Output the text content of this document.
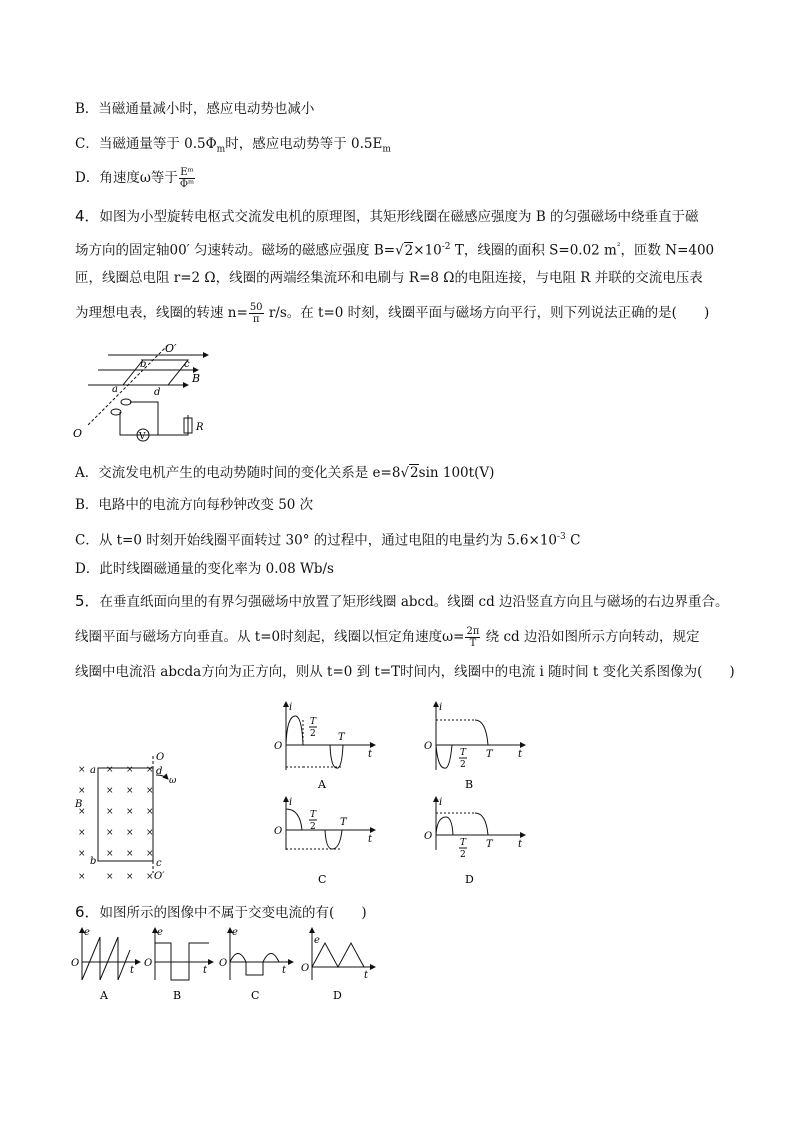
B．当磁通量减小时，感应电动势也减小
C．当磁通量等于 $0.5\Phi_m$时，感应电动势等于 $0.5E_m$
D．角速度ω等于 $\frac{\text{Eᵐ}}{\text{Φᵐ}}$
4．如图为小型旋转电枢式交流发电机的原理图，其矩形线圈在磁感应强度为 B 的匀强磁场中绕垂直于磁
场方向的固定轴00′ 匀速转动。磁场的磁感应强度 $B=√2\times 10^{-2}$ T，线圈的面积 S=0.02 $m^{^2}$，匝数 N=400
匝，线圈总电阻 r=2 Ω，线圈的两端经集流环和电刷与 R=8 Ω的电阻连接，与电阻 R 并联的交流电压表
为理想电表，线圈的转速 $n= \frac{50}{\pi} r/s$。在 t=0 时刻，线圈平面与磁场方向平行，则下列说法正确的是(　　)
O′
b	c
a	d
B
O	V
R
A．交流发电机产生的电动势随时间的变化关系是 e=8√2sin 100t(V)
B．电路中的电流方向每秒钟改变 50 次
C．从 t=0 时刻开始线圈平面转过 30° 的过程中，通过电阻的电量约为 $5.6\times 10^{-3}$ C
D．此时线圈磁通量的变化率为 0.08 Wb/s
5．在垂直纸面向里的有界匀强磁场中放置了矩形线圈 abcd。线圈 cd 边沿竖直方向且与磁场的右边界重合。
线圈平面与磁场方向垂直。从 t=0时刻起，线圈以恒定角速度$\omega= \frac{2\pi}{T}$ 绕 cd 边沿如图所示方向转动，规定
线圈中电流沿 abcda方向为正方向，则从 t=0 到 t=T时间内，线圈中的电流 i 随时间 t 变化关系图像为(　　)
O
a	d
ω
B
b	c
O′
× × × ×
× × × ×
× × × ×
× × × ×
× × × ×
× × × ×
i
O
t
T
2 T
A
i
O
t
T
2
T
B
i
O
t
T
2 T
C
i
O
t
T
2
T
D
6．如图所示的图像中不属于交变电流的有(　　)
e
O
t
A
e
O
t
B
e
O
t
C
e
O
t
D
